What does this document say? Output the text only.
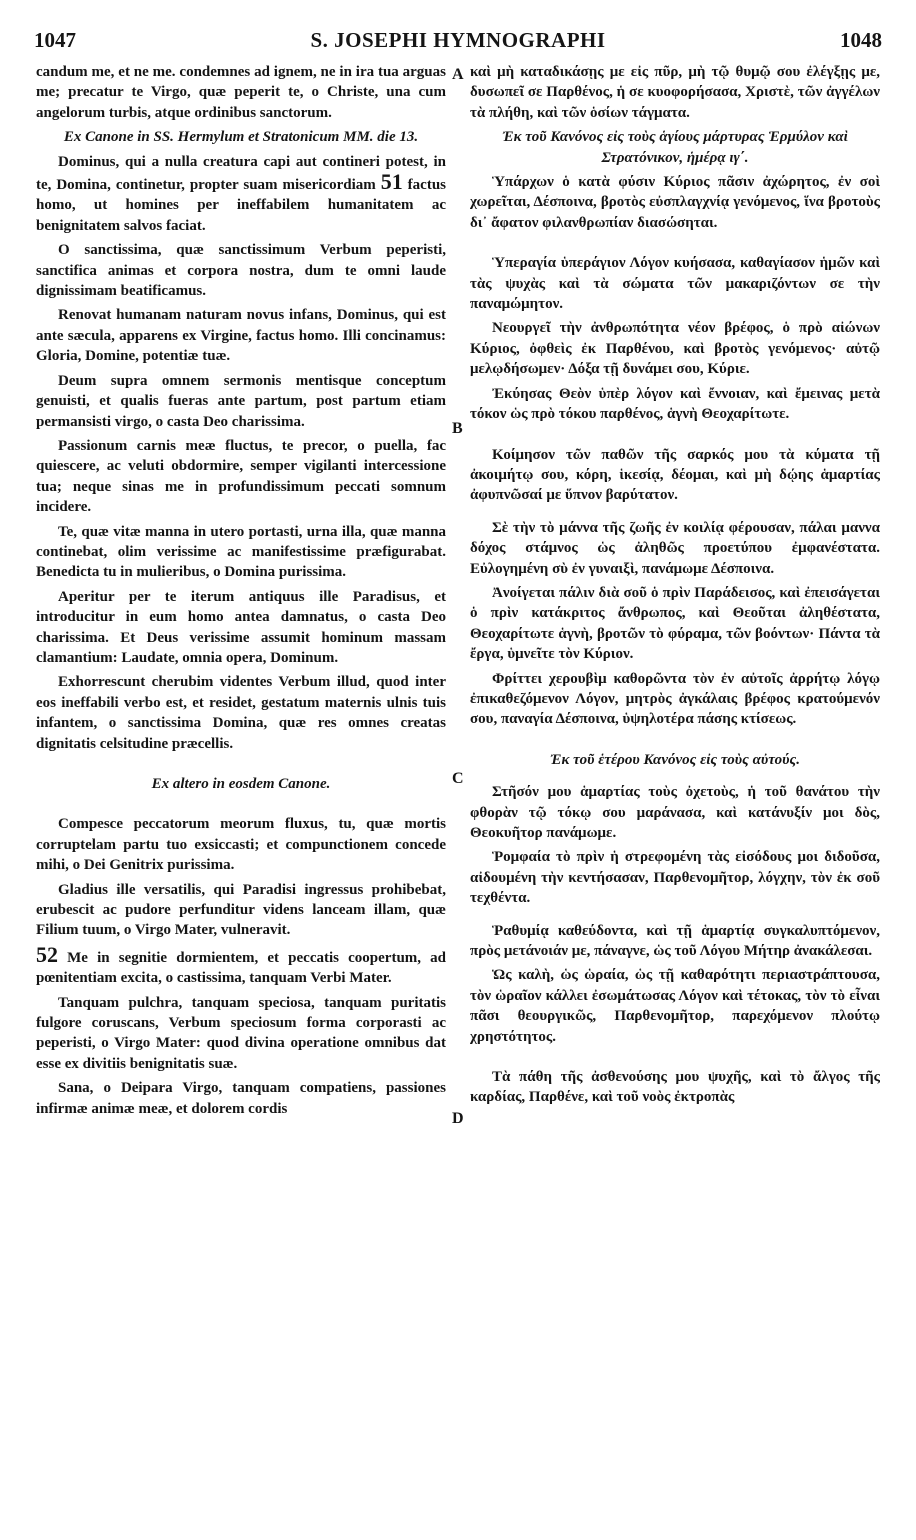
1047	S. JOSEPHI HYMNOGRAPHI	1048
A
B
C
D

candum me, et ne me. condemnes ad ignem, ne in ira tua arguas me; precatur te Virgo, quæ peperit te, o Christe, una cum angelorum turbis, atque ordinibus sanctorum.

Ex Canone in SS. Hermylum et Stratonicum MM. die 13.

Dominus, qui a nulla creatura capi aut contineri potest, in te, Domina, continetur, propter suam misericordiam 51 factus homo, ut homines per ineffabilem humanitatem ac benignitatem salvos faciat.

O sanctissima, quæ sanctissimum Verbum peperisti, sanctifica animas et corpora nostra, dum te omni laude dignissimam beatificamus.

Renovat humanam naturam novus infans, Dominus, qui est ante sæcula, apparens ex Virgine, factus homo. Illi concinamus: Gloria, Domine, potentiæ tuæ.

Deum supra omnem sermonis mentisque conceptum genuisti, et qualis fueras ante partum, post partum etiam permansisti virgo, o casta Deo charissima.

Passionum carnis meæ fluctus, te precor, o puella, fac quiescere, ac veluti obdormire, semper vigilanti intercessione tua; neque sinas me in profundissimum peccati somnum incidere.

Te, quæ vitæ manna in utero portasti, urna illa, quæ manna continebat, olim verissime ac manifestissime præfigurabat. Benedicta tu in mulieribus, o Domina purissima.

Aperitur per te iterum antiquus ille Paradisus, et introducitur in eum homo antea damnatus, o casta Deo charissima. Et Deus verissime assumit hominum massam clamantium: Laudate, omnia opera, Dominum.

Exhorrescunt cherubim videntes Verbum illud, quod inter eos ineffabili verbo est, et residet, gestatum maternis ulnis tuis infantem, o sanctissima Domina, quæ res omnes creatas dignitatis celsitudine præcellis.

Ex altero in eosdem Canone.

Compesce peccatorum meorum fluxus, tu, quæ mortis corruptelam partu tuo exsiccasti; et compunctionem concede mihi, o Dei Genitrix purissima.

Gladius ille versatilis, qui Paradisi ingressus prohibebat, erubescit ac pudore perfunditur videns lanceam illam, quæ Filium tuum, o Virgo Mater, vulneravit.

52 Me in segnitie dormientem, et peccatis coopertum, ad pœnitentiam excita, o castissima, tanquam Verbi Mater.

Tanquam pulchra, tanquam speciosa, tanquam puritatis fulgore coruscans, Verbum speciosum forma corporasti ac peperisti, o Virgo Mater: quod divina operatione omnibus dat esse ex divitiis benignitatis suæ.

Sana, o Deipara Virgo, tanquam compatiens, passiones infirmæ animæ meæ, et dolorem cordis

καὶ μὴ καταδικάσῃς με εἰς πῦρ, μὴ τῷ θυμῷ σου ἐλέγξῃς με, δυσωπεῖ σε Παρθένος, ἡ σε κυοφορήσασα, Χριστὲ, τῶν ἀγγέλων τὰ πλήθη, καὶ τῶν ὁσίων τάγματα.

Ἐκ τοῦ Κανόνος εἰς τοὺς ἁγίους μάρτυρας Ἑρμύλον καὶ Στρατόνικον, ἡμέρᾳ ιγ΄.

Ὑπάρχων ὁ κατὰ φύσιν Κύριος πᾶσιν ἀχώρητος, ἐν σοὶ χωρεῖται, Δέσποινα, βροτὸς εὐσπλαγχνίᾳ γενόμενος, ἵνα βροτοὺς δι᾽ ἄφατον φιλανθρωπίαν διασώσηται.

Ὑπεραγία ὑπεράγιον Λόγον κυήσασα, καθαγίασον ἡμῶν καὶ τὰς ψυχὰς καὶ τὰ σώματα τῶν μακαριζόντων σε τὴν παναμώμητον.

Νεουργεῖ τὴν ἀνθρωπότητα νέον βρέφος, ὁ πρὸ αἰώνων Κύριος, ὀφθεὶς ἐκ Παρθένου, καὶ βροτὸς γενόμενος· αὐτῷ μελῳδήσωμεν· Δόξα τῇ δυνάμει σου, Κύριε.

Ἐκύησας Θεὸν ὑπὲρ λόγον καὶ ἔννοιαν, καὶ ἔμεινας μετὰ τόκον ὡς πρὸ τόκου παρθένος, ἁγνὴ Θεοχαρίτωτε.

Κοίμησον τῶν παθῶν τῆς σαρκός μου τὰ κύματα τῇ ἀκοιμήτῳ σου, κόρη, ἱκεσίᾳ, δέομαι, καὶ μὴ δῴης ἁμαρτίας ἀφυπνῶσαί με ὕπνον βαρύτατον.

Σὲ τὴν τὸ μάννα τῆς ζωῆς ἐν κοιλίᾳ φέρουσαν, πάλαι μαννα δόχος στάμνος ὡς ἀληθῶς προετύπου ἐμφανέστατα. Εὐλογημένη σὺ ἐν γυναιξὶ, πανάμωμε Δέσποινα.

Ἀνοίγεται πάλιν διὰ σοῦ ὁ πρὶν Παράδεισος, καὶ ἐπεισάγεται ὁ πρὶν κατάκριτος ἄνθρωπος, καὶ Θεοῦται ἀληθέστατα, Θεοχαρίτωτε ἁγνὴ, βροτῶν τὸ φύραμα, τῶν βοόντων· Πάντα τὰ ἔργα, ὑμνεῖτε τὸν Κύριον.

Φρίττει χερουβὶμ καθορῶντα τὸν ἐν αὐτοῖς ἀρρήτῳ λόγῳ ἐπικαθεζόμενον Λόγον, μητρὸς ἀγκάλαις βρέφος κρατούμενόν σου, παναγία Δέσποινα, ὑψηλοτέρα πάσης κτίσεως.

Ἐκ τοῦ ἑτέρου Κανόνος εἰς τοὺς αὐτούς.

Στῆσόν μου ἁμαρτίας τοὺς ὀχετοὺς, ἡ τοῦ θανάτου τὴν φθορὰν τῷ τόκῳ σου μαράνασα, καὶ κατάνυξίν μοι δὸς, Θεοκυῆτορ πανάμωμε.

Ῥομφαία τὸ πρὶν ἡ στρεφομένη τὰς εἰσόδους μοι διδοῦσα, αἰδουμένη τὴν κεντήσασαν, Παρθενομῆτορ, λόγχην, τὸν ἐκ σοῦ τεχθέντα.

Ῥαθυμίᾳ καθεύδοντα, καὶ τῇ ἁμαρτίᾳ συγκαλυπτόμενον, πρὸς μετάνοιάν με, πάναγνε, ὡς τοῦ Λόγου Μήτηρ ἀνακάλεσαι.

Ὡς καλὴ, ὡς ὡραία, ὡς τῇ καθαρότητι περιαστράπτουσα, τὸν ὡραῖον κάλλει ἐσωμάτωσας Λόγον καὶ τέτοκας, τὸν τὸ εἶναι πᾶσι θεουργικῶς, Παρθενομῆτορ, παρεχόμενον πλούτῳ χρηστότητος.

Τὰ πάθη τῆς ἀσθενούσης μου ψυχῆς, καὶ τὸ ἄλγος τῆς καρδίας, Παρθένε, καὶ τοῦ νοὸς ἐκτροπὰς
